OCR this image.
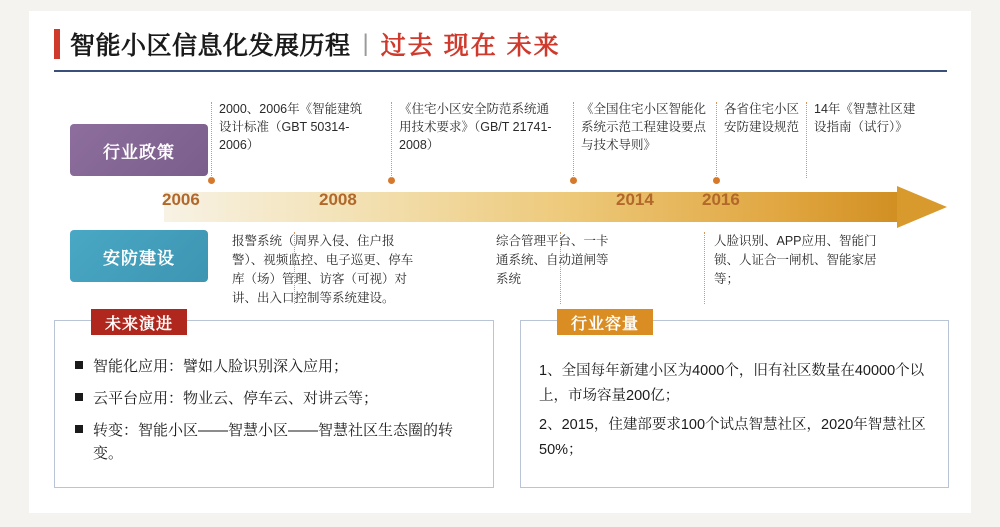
智能小区信息化发展历程 | 过去 现在 未来
行业政策
安防建设
2006	2008	2014	2016
2000、2006年《智能建筑设计标准（GBT 50314-2006）
《住宅小区安全防范系统通用技术要求》（GB/T 21741-2008）
《全国住宅小区智能化系统示范工程建设要点与技术导则》
各省住宅小区安防建设规范
14年《智慧社区建设指南（试行）》
报警系统（周界入侵、住户报警）、视频监控、电子巡更、停车库（场）管理、访客（可视）对讲、出入口控制等系统建设。
综合管理平台、一卡通系统、自动道闸等系统
人脸识别、APP应用、智能门锁、人证合一闸机、智能家居等；
未来演进
智能化应用：譬如人脸识别深入应用；
云平台应用：物业云、停车云、对讲云等；
转变：智能小区——智慧小区——智慧社区生态圈的转变。
行业容量
1、全国每年新建小区为4000个，旧有社区数量在40000个以上，市场容量200亿；
2、2015，住建部要求100个试点智慧社区，2020年智慧社区50%；
